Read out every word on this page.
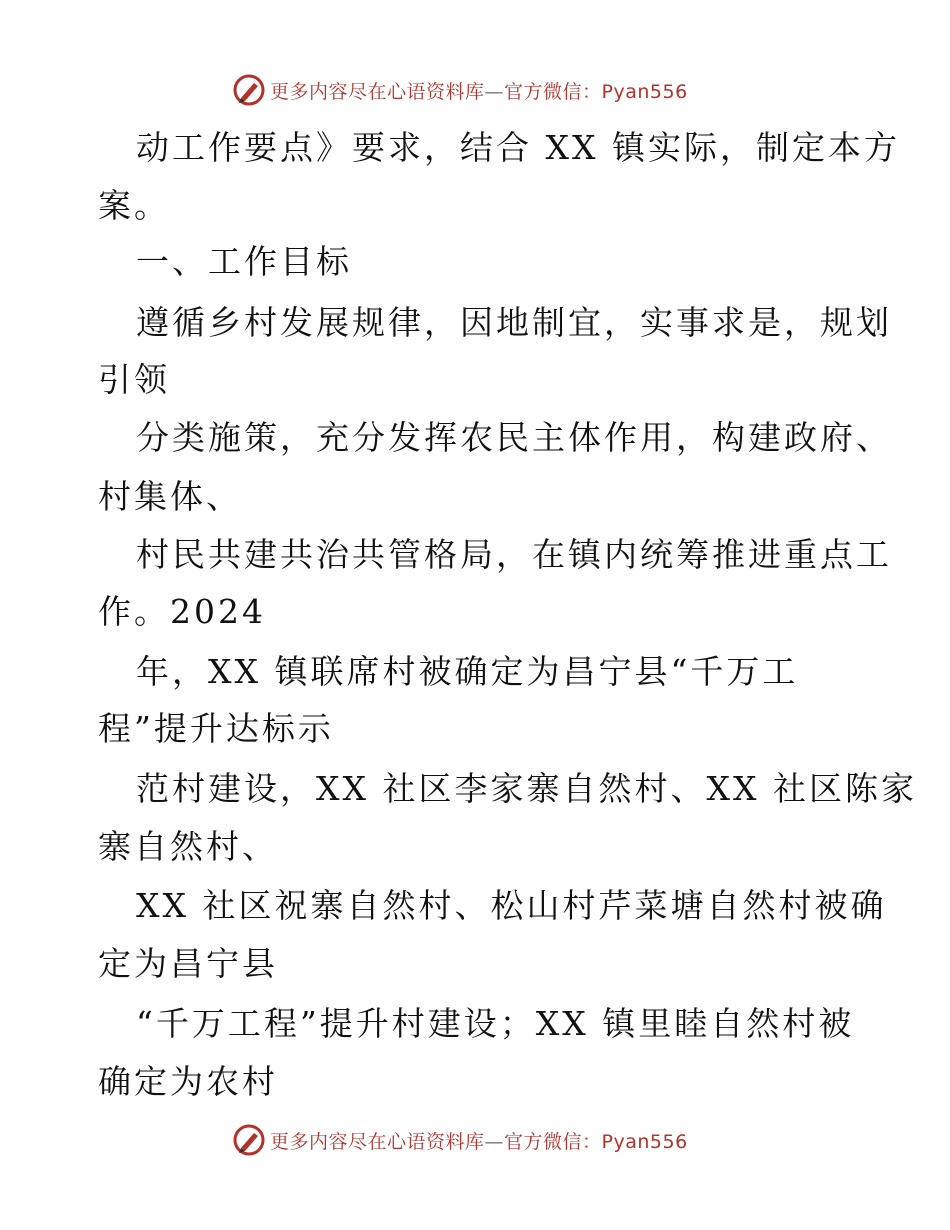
更多内容尽在心语资料库—官方微信：Pyan556
动工作要点》要求，结合 XX 镇实际，制定本方
案。
一、工作目标
遵循乡村发展规律，因地制宜，实事求是，规划
引领
分类施策，充分发挥农民主体作用，构建政府、
村集体、
村民共建共治共管格局，在镇内统筹推进重点工
作。2024
年，XX 镇联席村被确定为昌宁县“千万工
程”提升达标示
范村建设，XX 社区李家寨自然村、XX 社区陈家
寨自然村、
XX 社区祝寨自然村、松山村芹菜塘自然村被确
定为昌宁县
“千万工程”提升村建设；XX 镇里睦自然村被
确定为农村
更多内容尽在心语资料库—官方微信：Pyan556
